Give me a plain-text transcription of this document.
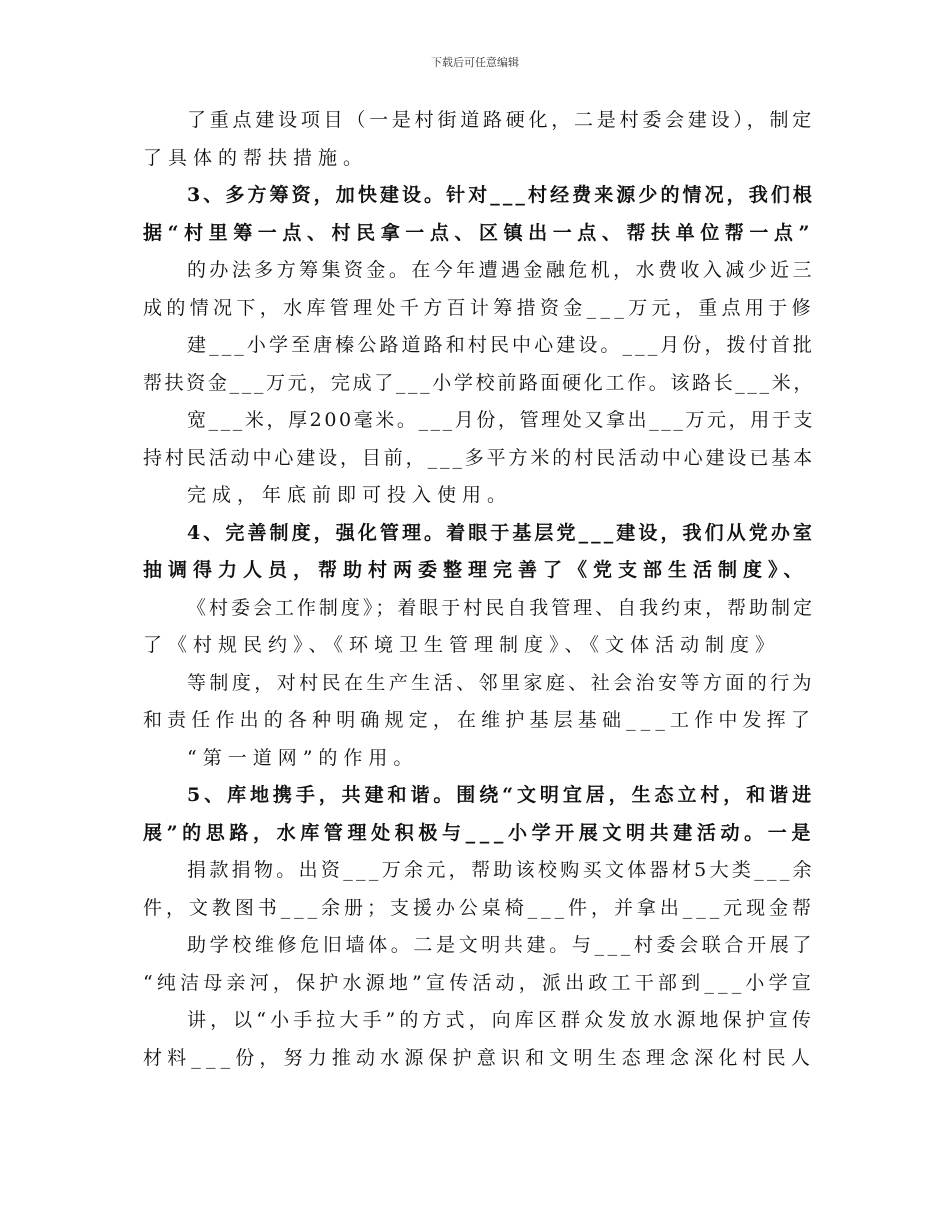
下载后可任意编辑
了重点建设项目（一是村街道路硬化，二是村委会建设），制定
了具体的帮扶措施。
3、多方筹资，加快建设。针对___村经费来源少的情况，我们根
据“村里筹一点、村民拿一点、区镇出一点、帮扶单位帮一点”
的办法多方筹集资金。在今年遭遇金融危机，水费收入减少近三
成的情况下，水库管理处千方百计筹措资金___万元，重点用于修
建___小学至唐榛公路道路和村民中心建设。___月份，拨付首批
帮扶资金___万元，完成了___小学校前路面硬化工作。该路长___米，
宽___米，厚200毫米。___月份，管理处又拿出___万元，用于支
持村民活动中心建设，目前，___多平方米的村民活动中心建设已基本
完成，年底前即可投入使用。
4、完善制度，强化管理。着眼于基层党___建设，我们从党办室
抽调得力人员，帮助村两委整理完善了《党支部生活制度》、
《村委会工作制度》；着眼于村民自我管理、自我约束，帮助制定
了《村规民约》、《环境卫生管理制度》、《文体活动制度》
等制度，对村民在生产生活、邻里家庭、社会治安等方面的行为
和责任作出的各种明确规定，在维护基层基础___工作中发挥了
“第一道网”的作用。
5、库地携手，共建和谐。围绕“文明宜居，生态立村，和谐进
展”的思路，水库管理处积极与___小学开展文明共建活动。一是
捐款捐物。出资___万余元，帮助该校购买文体器材5大类___余
件，文教图书___余册；支援办公桌椅___件，并拿出___元现金帮
助学校维修危旧墙体。二是文明共建。与___村委会联合开展了
“纯洁母亲河，保护水源地”宣传活动，派出政工干部到___小学宣
讲，以“小手拉大手”的方式，向库区群众发放水源地保护宣传
材料___份，努力推动水源保护意识和文明生态理念深化村民人
